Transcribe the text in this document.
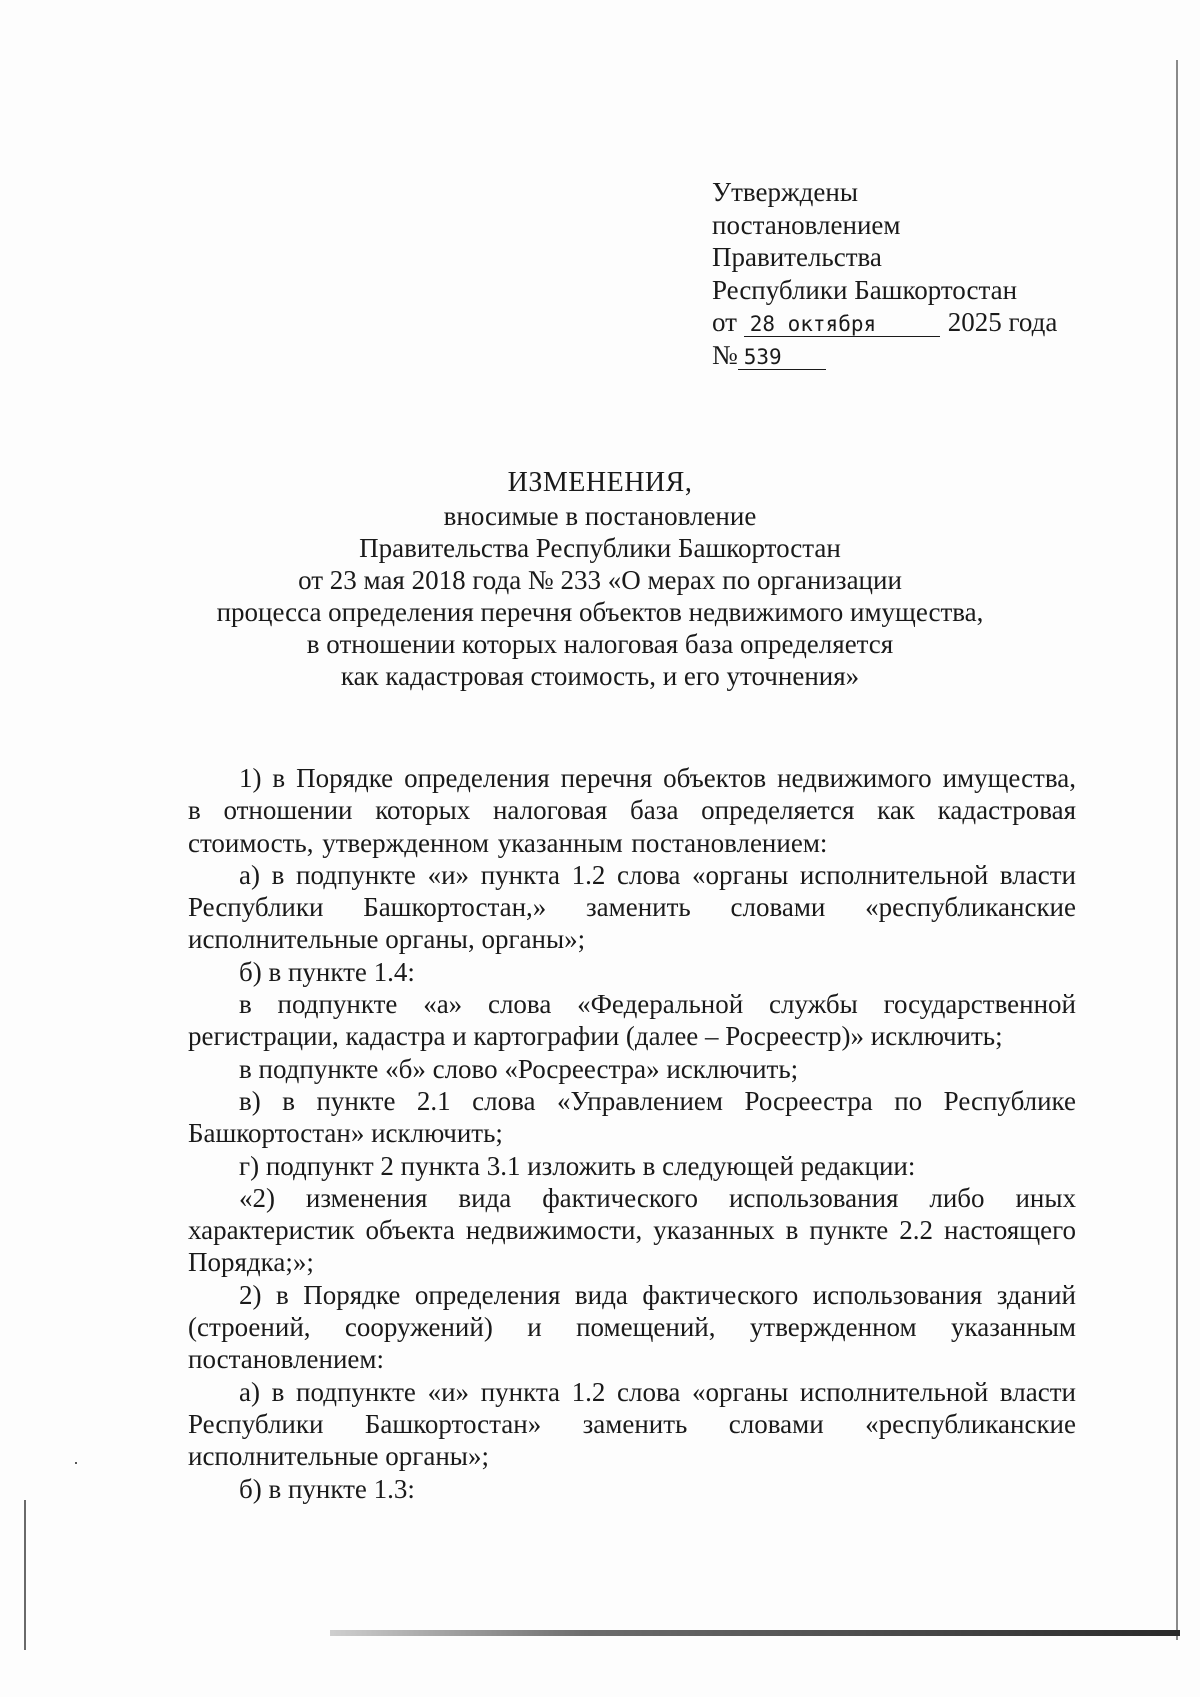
Утверждены
постановлением
Правительства
Республики Башкортостан
от 28 октября	2025 года
№ 539
ИЗМЕНЕНИЯ,
вносимые в постановление
Правительства Республики Башкортостан
от 23 мая 2018 года № 233 «О мерах по организации
процесса определения перечня объектов недвижимого имущества,
в отношении которых налоговая база определяется
как кадастровая стоимость, и его уточнения»

1) в Порядке определения перечня объектов недвижимого имущества, в отношении которых налоговая база определяется как кадастровая стоимость, утвержденном указанным постановлением:

а) в подпункте «и» пункта 1.2 слова «органы исполнительной власти Республики Башкортостан,» заменить словами «республиканские исполнительные органы, органы»;

б) в пункте 1.4:

в подпункте «а» слова «Федеральной службы государственной регистрации, кадастра и картографии (далее – Росреестр)» исключить;

в подпункте «б» слово «Росреестра» исключить;

в) в пункте 2.1 слова «Управлением Росреестра по Республике Башкортостан» исключить;

г) подпункт 2 пункта 3.1 изложить в следующей редакции:

«2) изменения вида фактического использования либо иных характеристик объекта недвижимости, указанных в пункте 2.2 настоящего Порядка;»;

2) в Порядке определения вида фактического использования зданий (строений, сооружений) и помещений, утвержденном указанным постановлением:

а) в подпункте «и» пункта 1.2 слова «органы исполнительной власти Республики Башкортостан» заменить словами «республиканские исполнительные органы»;

б) в пункте 1.3:
